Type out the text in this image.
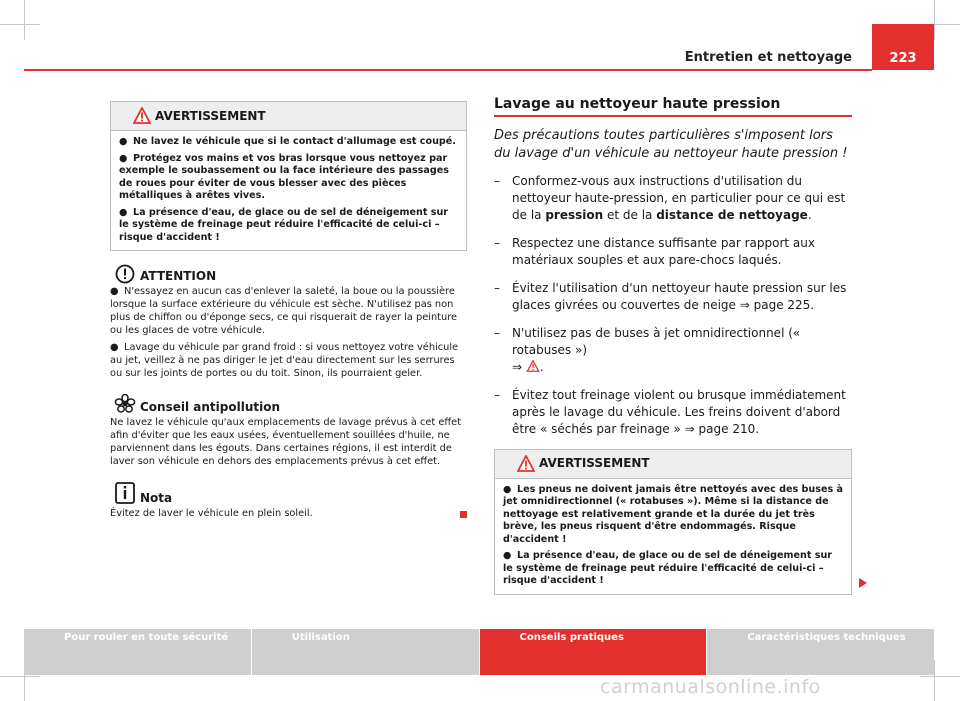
Entretien et nettoyage	223
AVERTISSEMENT

● Ne lavez le véhicule que si le contact d'allumage est coupé.

● Protégez vos mains et vos bras lorsque vous nettoyez par exemple le soubassement ou la face intérieure des passages de roues pour éviter de vous blesser avec des pièces métalliques à arêtes vives.

● La présence d'eau, de glace ou de sel de déneigement sur le système de freinage peut réduire l'efficacité de celui-ci – risque d'accident !

ATTENTION

● N'essayez en aucun cas d'enlever la saleté, la boue ou la poussière lorsque la surface extérieure du véhicule est sèche. N'utilisez pas non plus de chiffon ou d'éponge secs, ce qui risquerait de rayer la peinture ou les glaces de votre véhicule.

● Lavage du véhicule par grand froid : si vous nettoyez votre véhicule au jet, veillez à ne pas diriger le jet d'eau directement sur les serrures ou sur les joints de portes ou du toit. Sinon, ils pourraient geler.

Conseil antipollution

Ne lavez le véhicule qu'aux emplacements de lavage prévus à cet effet afin d'éviter que les eaux usées, éventuellement souillées d'huile, ne parviennent dans les égouts. Dans certaines régions, il est interdit de laver son véhicule en dehors des emplacements prévus à cet effet.

Nota

Évitez de laver le véhicule en plein soleil.

Lavage au nettoyeur haute pression
Des précautions toutes particulières s'imposent lors du lavage d'un véhicule au nettoyeur haute pression !
– Conformez-vous aux instructions d'utilisation du nettoyeur haute-pression, en particulier pour ce qui est de la pression et de la distance de nettoyage.
– Respectez une distance suffisante par rapport aux matériaux souples et aux pare-chocs laqués.
– Évitez l'utilisation d'un nettoyeur haute pression sur les glaces givrées ou couvertes de neige ⇒ page 225.
– N'utilisez pas de buses à jet omnidirectionnel (« rotabuses »)
⇒ .
– Évitez tout freinage violent ou brusque immédiatement après le lavage du véhicule. Les freins doivent d'abord être « séchés par freinage » ⇒ page 210.
AVERTISSEMENT

● Les pneus ne doivent jamais être nettoyés avec des buses à jet omnidirectionnel (« rotabuses »). Même si la distance de nettoyage est relativement grande et la durée du jet très brève, les pneus risquent d'être endommagés. Risque d'accident !

● La présence d'eau, de glace ou de sel de déneigement sur le système de freinage peut réduire l'efficacité de celui-ci – risque d'accident !

Pour rouler en toute sécurité	Utilisation	Conseils pratiques	Caractéristiques techniques
carmanualsonline.info
